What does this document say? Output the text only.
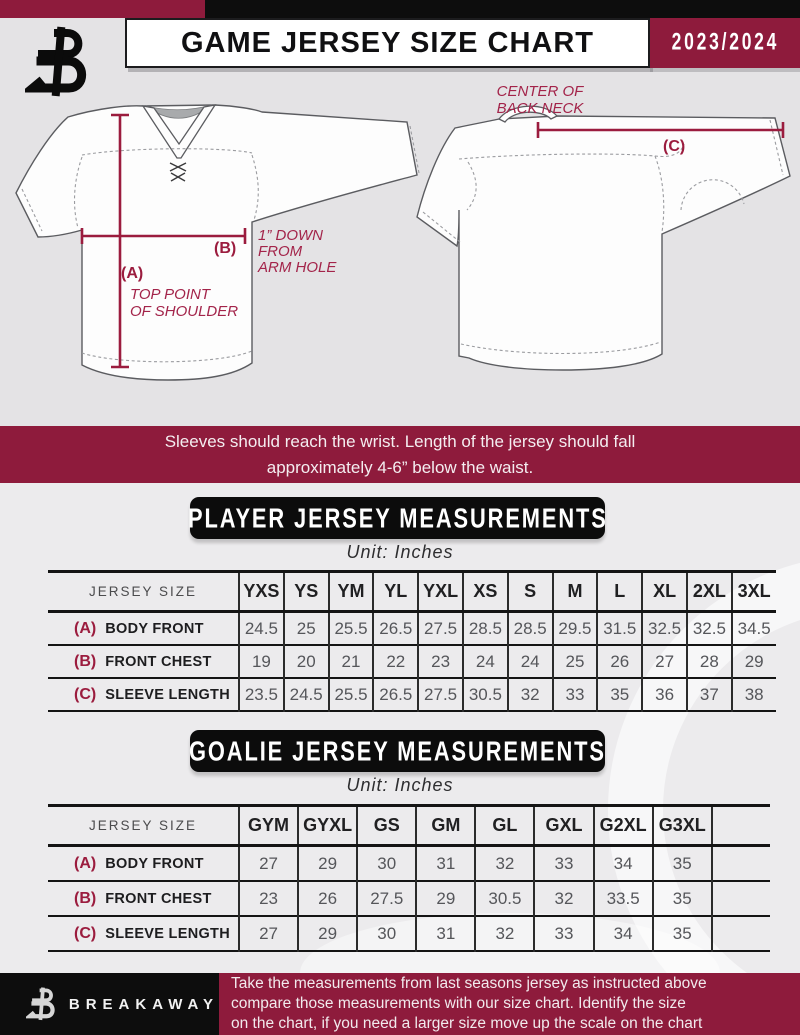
GAME JERSEY SIZE CHART	2023/2024
(A)
TOP POINT
OF SHOULDER
(B)
1” DOWN
FROM
ARM HOLE
(C)
CENTER OF
BACK NECK
Sleeves should reach the wrist. Length of the jersey should fall
approximately 4-6” below the waist.
PLAYER JERSEY MEASUREMENTS
Unit: Inches
JERSEY SIZE	YXS	YS	YM	YL	YXL	XS	S	M	L	XL	2XL	3XL
(A) BODY FRONT	24.5	25	25.5	26.5	27.5	28.5	28.5	29.5	31.5	32.5	32.5	34.5
(B) FRONT CHEST	19	20	21	22	23	24	24	25	26	27	28	29
(C) SLEEVE LENGTH	23.5	24.5	25.5	26.5	27.5	30.5	32	33	35	36	37	38
GOALIE JERSEY MEASUREMENTS
Unit: Inches
JERSEY SIZE	GYM	GYXL	GS	GM	GL	GXL	G2XL	G3XL	
(A) BODY FRONT	27	29	30	31	32	33	34	35	
(B) FRONT CHEST	23	26	27.5	29	30.5	32	33.5	35	
(C) SLEEVE LENGTH	27	29	30	31	32	33	34	35	
BREAKAWAY
Take the measurements from last seasons jersey as instructed above
compare those measurements with our size chart. Identify the size
on the chart, if you need a larger size move up the scale on the chart
